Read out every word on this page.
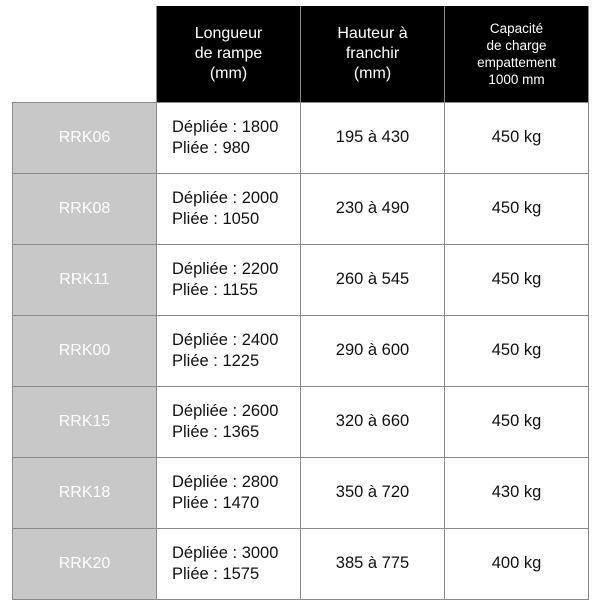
	Longueur
de rampe
(mm)	Hauteur à
franchir
(mm)	Capacité
de charge
empattement
1000 mm

RRK06	Dépliée : 1800
Pliée : 980	195 à 430	450 kg
RRK08	Dépliée : 2000
Pliée : 1050	230 à 490	450 kg
RRK11	Dépliée : 2200
Pliée : 1155	260 à 545	450 kg
RRK00	Dépliée : 2400
Pliée : 1225	290 à 600	450 kg
RRK15	Dépliée : 2600
Pliée : 1365	320 à 660	450 kg
RRK18	Dépliée : 2800
Pliée : 1470	350 à 720	430 kg
RRK20	Dépliée : 3000
Pliée : 1575	385 à 775	400 kg
